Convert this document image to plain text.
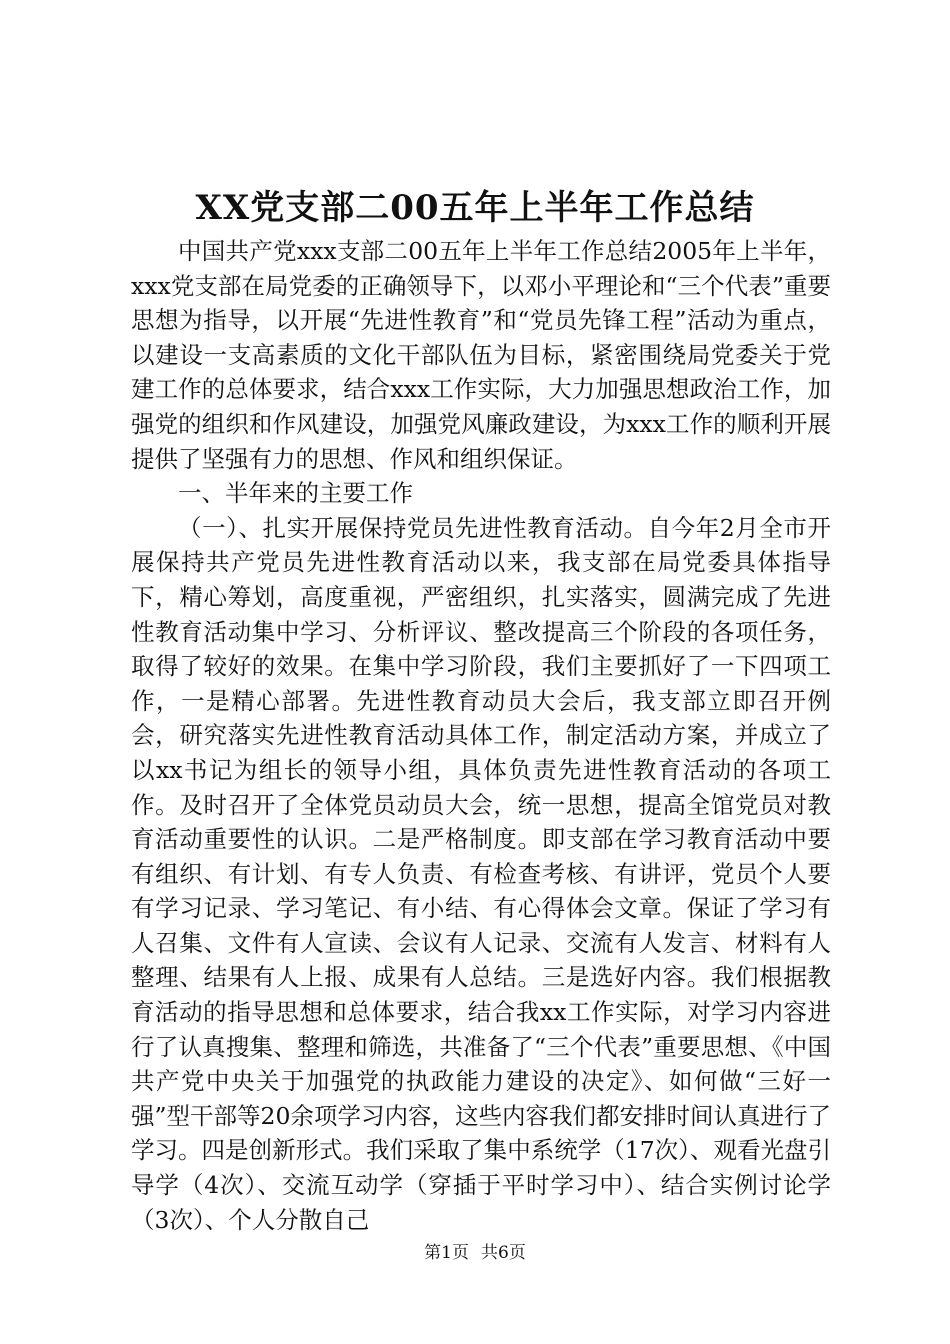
XX党支部二00五年上半年工作总结

中国共产党xxx支部二00五年上半年工作总结2005年上半年，xxx党支部在局党委的正确领导下，以邓小平理论和“三个代表”重要思想为指导，以开展“先进性教育”和“党员先锋工程”活动为重点，以建设一支高素质的文化干部队伍为目标，紧密围绕局党委关于党建工作的总体要求，结合xxx工作实际，大力加强思想政治工作，加强党的组织和作风建设，加强党风廉政建设，为xxx工作的顺利开展提供了坚强有力的思想、作风和组织保证。

一、半年来的主要工作

（一）、扎实开展保持党员先进性教育活动。自今年2月全市开展保持共产党员先进性教育活动以来，我支部在局党委具体指导下，精心筹划，高度重视，严密组织，扎实落实，圆满完成了先进性教育活动集中学习、分析评议、整改提高三个阶段的各项任务，取得了较好的效果。在集中学习阶段，我们主要抓好了一下四项工作，一是精心部署。先进性教育动员大会后，我支部立即召开例会，研究落实先进性教育活动具体工作，制定活动方案，并成立了以xx书记为组长的领导小组，具体负责先进性教育活动的各项工作。及时召开了全体党员动员大会，统一思想，提高全馆党员对教育活动重要性的认识。二是严格制度。即支部在学习教育活动中要有组织、有计划、有专人负责、有检查考核、有讲评，党员个人要有学习记录、学习笔记、有小结、有心得体会文章。保证了学习有人召集、文件有人宣读、会议有人记录、交流有人发言、材料有人整理、结果有人上报、成果有人总结。三是选好内容。我们根据教育活动的指导思想和总体要求，结合我xx工作实际，对学习内容进行了认真搜集、整理和筛选，共准备了“三个代表”重要思想、《中国共产党中央关于加强党的执政能力建设的决定》、如何做“三好一强”型干部等20余项学习内容，这些内容我们都安排时间认真进行了学习。四是创新形式。我们采取了集中系统学（17次）、观看光盘引导学（4次）、交流互动学（穿插于平时学习中）、结合实例讨论学（3次）、个人分散自己

第1页 共6页
